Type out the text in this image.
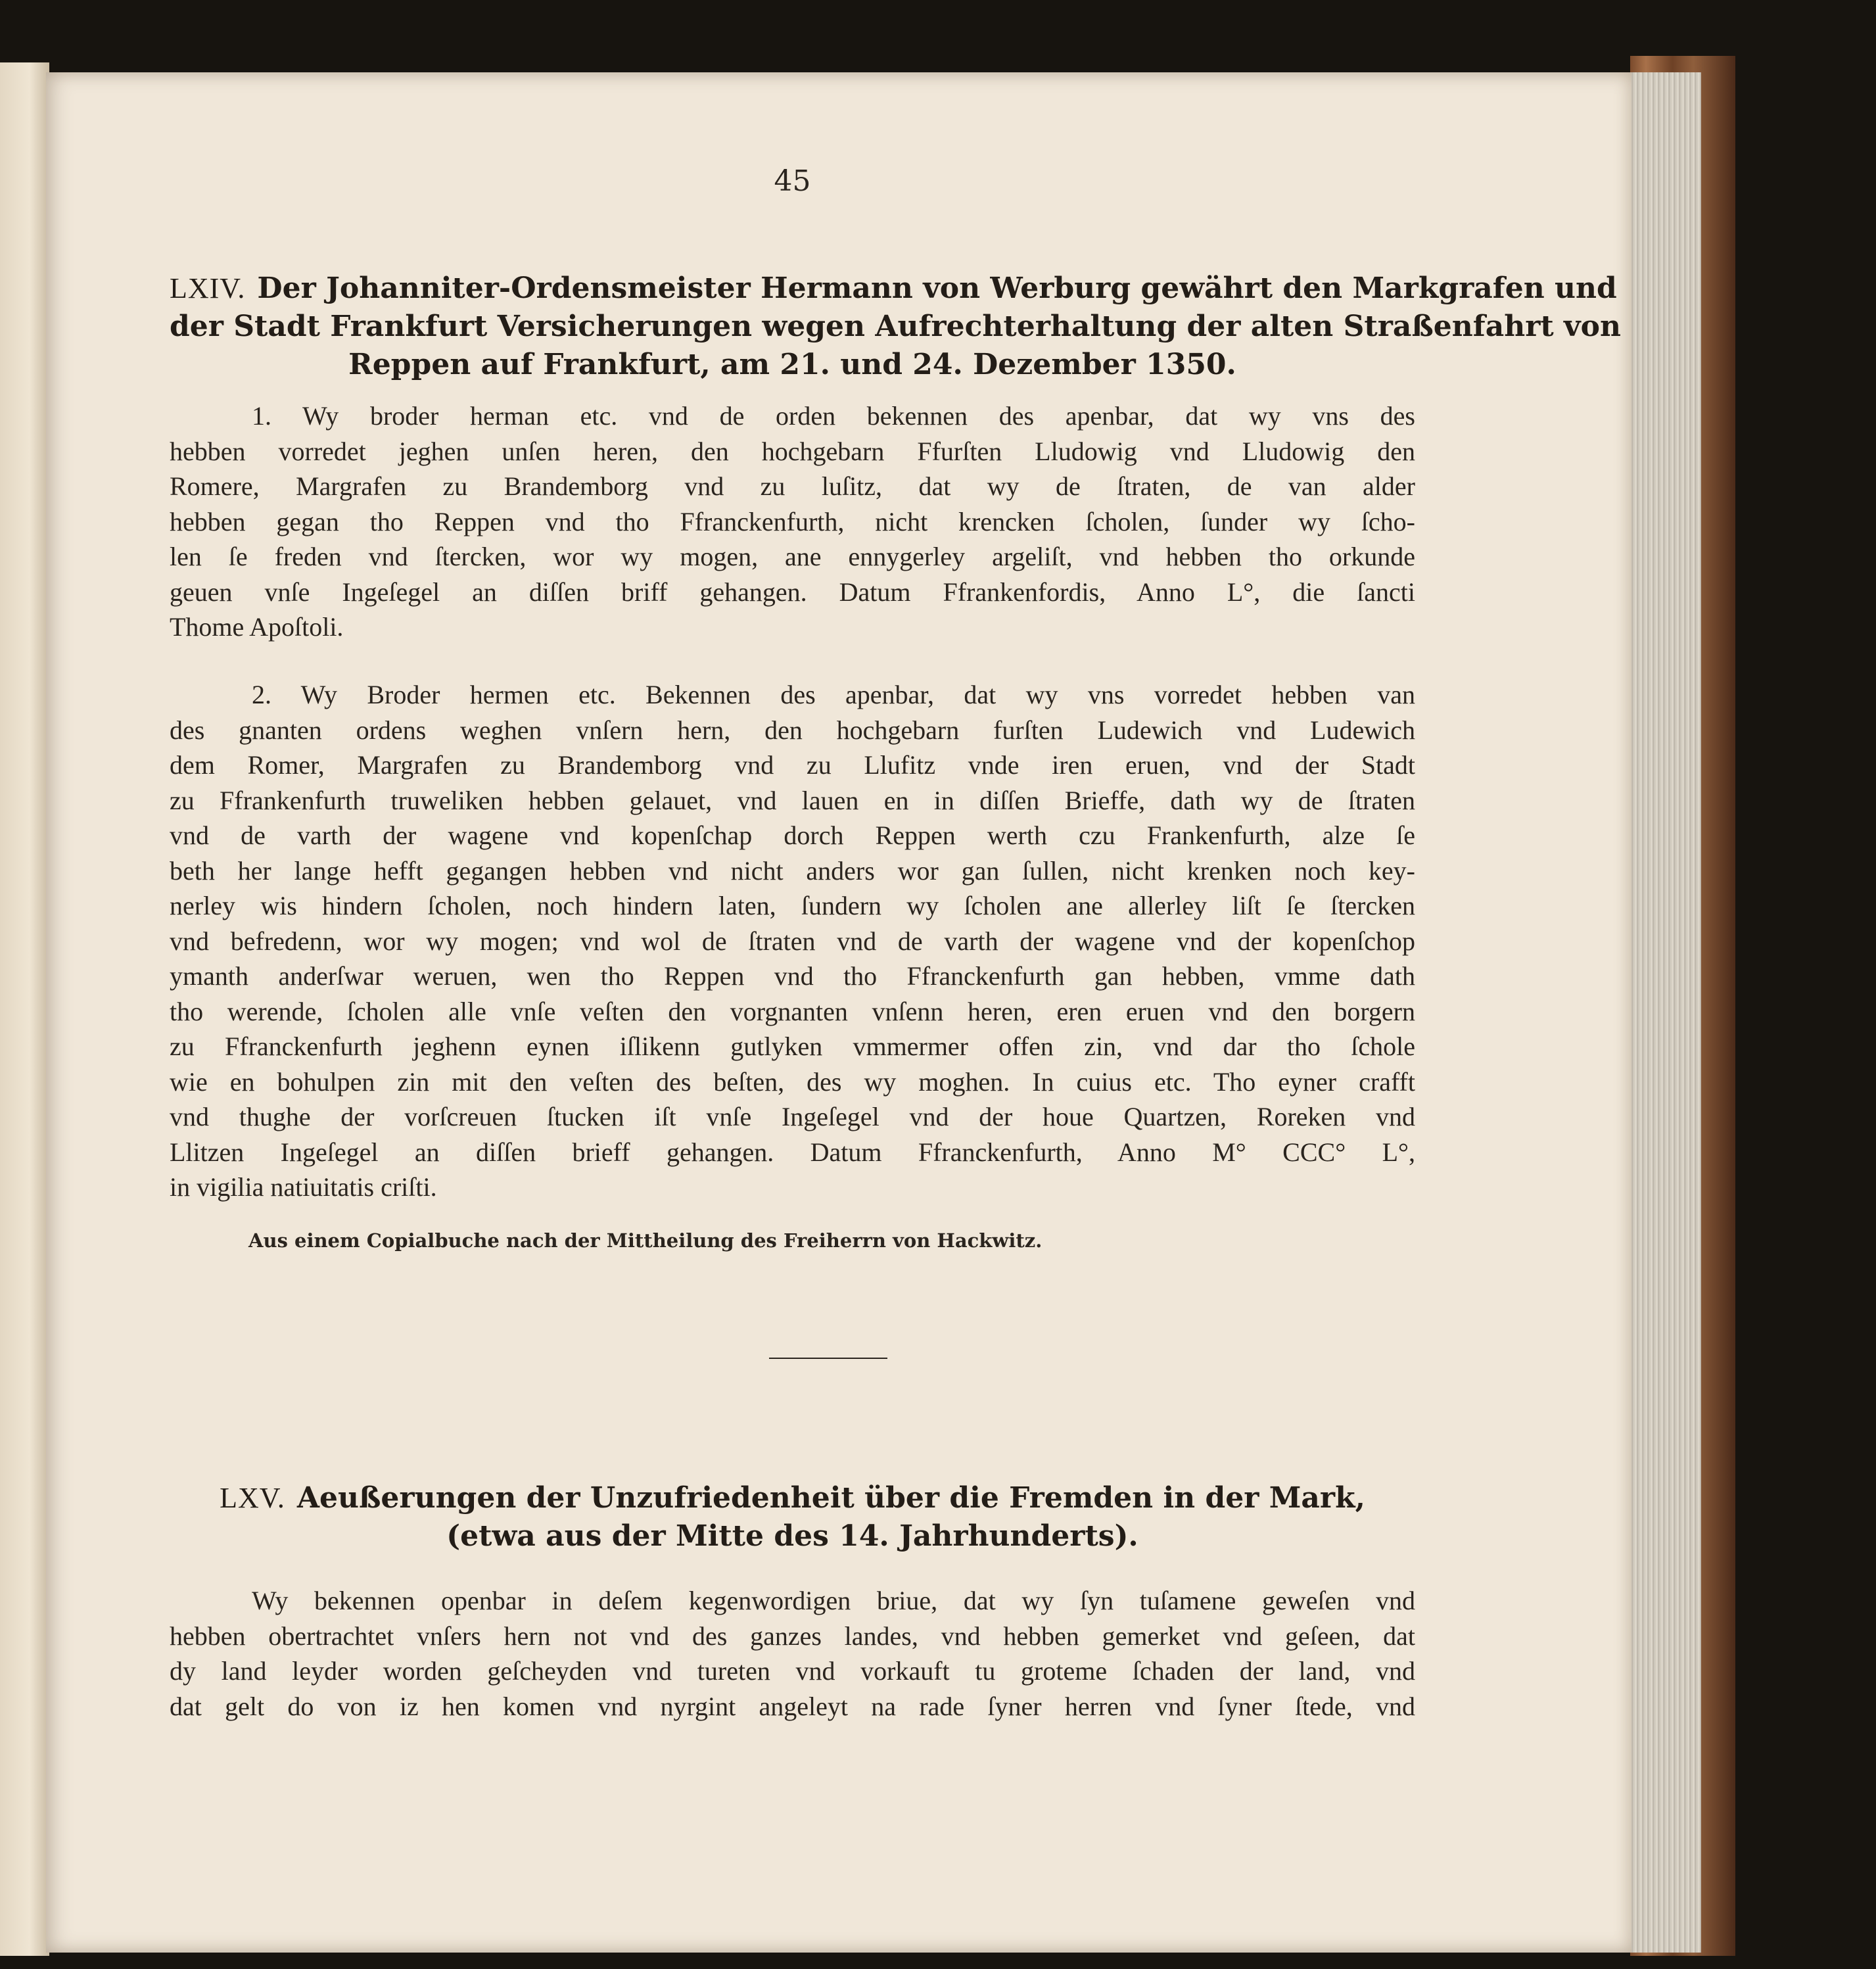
45
LXIV. Der Johanniter-Ordensmeister Hermann von Werburg gewährt den Markgrafen und
der Stadt Frankfurt Versicherungen wegen Aufrechterhaltung der alten Straßenfahrt von
Reppen auf Frankfurt, am 21. und 24. Dezember 1350.
1. Wy broder herman etc. vnd de orden bekennen des apenbar, dat wy vns des
hebben vorredet jeghen unſen heren, den hochgebarn Ffurſten Lludowig vnd Lludowig den
Romere, Margrafen zu Brandemborg vnd zu luſitz, dat wy de ſtraten, de van alder
hebben gegan tho Reppen vnd tho Ffranckenfurth, nicht krencken ſcholen, ſunder wy ſcho-
len ſe freden vnd ſtercken, wor wy mogen, ane ennygerley argeliſt, vnd hebben tho orkunde
geuen vnſe Ingeſegel an diſſen briff gehangen. Datum Ffrankenfordis, Anno L°, die ſancti
Thome Apoſtoli.
2. Wy Broder hermen etc. Bekennen des apenbar, dat wy vns vorredet hebben van
des gnanten ordens weghen vnſern hern, den hochgebarn furſten Ludewich vnd Ludewich
dem Romer, Margrafen zu Brandemborg vnd zu Llufitz vnde iren eruen, vnd der Stadt
zu Ffrankenfurth truweliken hebben gelauet, vnd lauen en in diſſen Brieffe, dath wy de ſtraten
vnd de varth der wagene vnd kopenſchap dorch Reppen werth czu Frankenfurth, alze ſe
beth her lange hefft gegangen hebben vnd nicht anders wor gan ſullen, nicht krenken noch key-
nerley wis hindern ſcholen, noch hindern laten, ſundern wy ſcholen ane allerley liſt ſe ſtercken
vnd befredenn, wor wy mogen; vnd wol de ſtraten vnd de varth der wagene vnd der kopenſchop
ymanth anderſwar weruen, wen tho Reppen vnd tho Ffranckenfurth gan hebben, vmme dath
tho werende, ſcholen alle vnſe veſten den vorgnanten vnſenn heren, eren eruen vnd den borgern
zu Ffranckenfurth jeghenn eynen iſlikenn gutlyken vmmermer offen zin, vnd dar tho ſchole
wie en bohulpen zin mit den veſten des beſten, des wy moghen. In cuius etc. Tho eyner crafft
vnd thughe der vorſcreuen ſtucken iſt vnſe Ingeſegel vnd der houe Quartzen, Roreken vnd
Llitzen Ingeſegel an diſſen brieff gehangen. Datum Ffranckenfurth, Anno M° CCC° L°,
in vigilia natiuitatis criſti.
Aus einem Copialbuche nach der Mittheilung des Freiherrn von Hackwitz.
LXV. Aeußerungen der Unzufriedenheit über die Fremden in der Mark,
(etwa aus der Mitte des 14. Jahrhunderts).
Wy bekennen openbar in deſem kegenwordigen briue, dat wy ſyn tuſamene geweſen vnd
hebben obertrachtet vnſers hern not vnd des ganzes landes, vnd hebben gemerket vnd geſeen, dat
dy land leyder worden geſcheyden vnd tureten vnd vorkauft tu groteme ſchaden der land, vnd
dat gelt do von iz hen komen vnd nyrgint angeleyt na rade ſyner herren vnd ſyner ſtede, vnd
